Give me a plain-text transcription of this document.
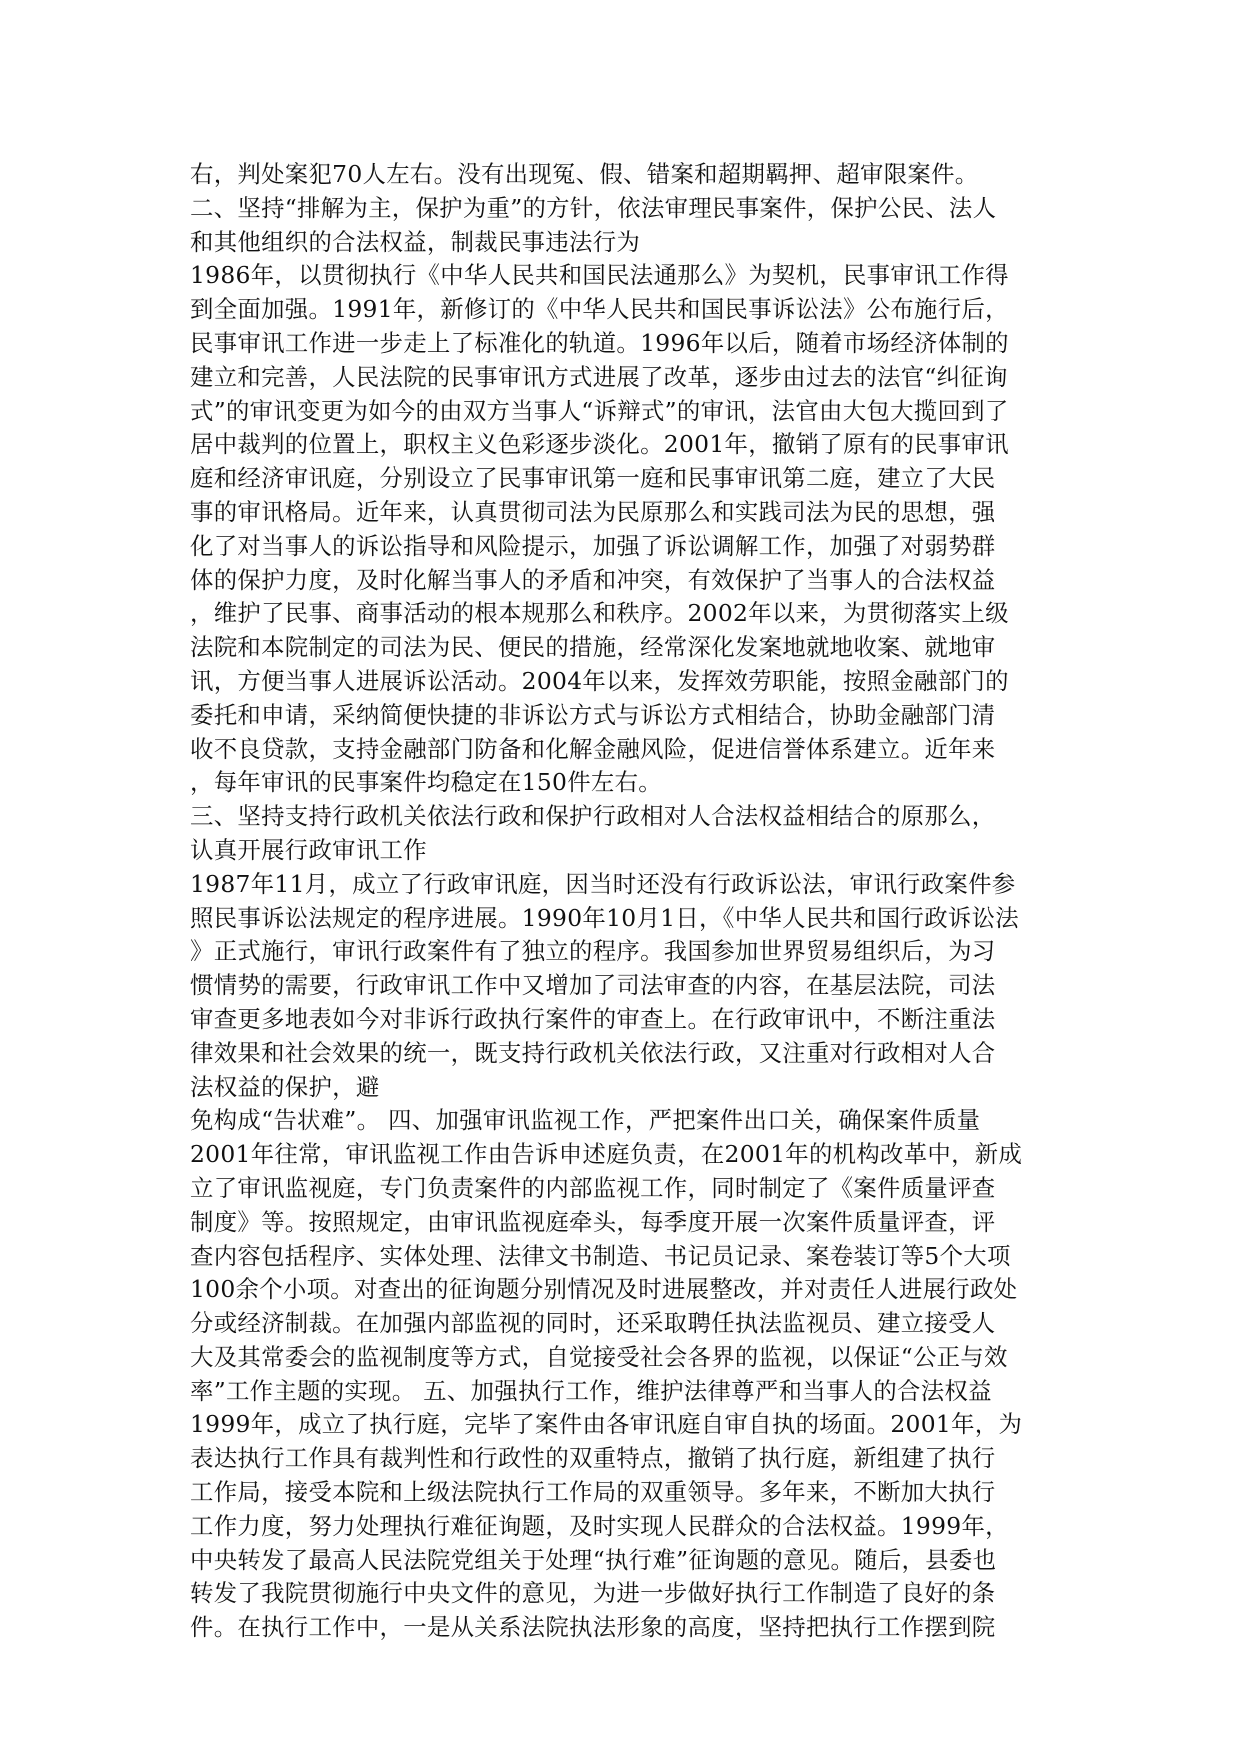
右，判处案犯70人左右。没有出现冤、假、错案和超期羁押、超审限案件。
二、坚持“排解为主，保护为重”的方针，依法审理民事案件，保护公民、法人
和其他组织的合法权益，制裁民事违法行为
1986年，以贯彻执行《中华人民共和国民法通那么》为契机，民事审讯工作得
到全面加强。1991年，新修订的《中华人民共和国民事诉讼法》公布施行后，
民事审讯工作进一步走上了标准化的轨道。1996年以后，随着市场经济体制的
建立和完善，人民法院的民事审讯方式进展了改革，逐步由过去的法官“纠征询
式”的审讯变更为如今的由双方当事人“诉辩式”的审讯，法官由大包大揽回到了
居中裁判的位置上，职权主义色彩逐步淡化。2001年，撤销了原有的民事审讯
庭和经济审讯庭，分别设立了民事审讯第一庭和民事审讯第二庭，建立了大民
事的审讯格局。近年来，认真贯彻司法为民原那么和实践司法为民的思想，强
化了对当事人的诉讼指导和风险提示，加强了诉讼调解工作，加强了对弱势群
体的保护力度，及时化解当事人的矛盾和冲突，有效保护了当事人的合法权益
，维护了民事、商事活动的根本规那么和秩序。2002年以来，为贯彻落实上级
法院和本院制定的司法为民、便民的措施，经常深化发案地就地收案、就地审
讯，方便当事人进展诉讼活动。2004年以来，发挥效劳职能，按照金融部门的
委托和申请，采纳简便快捷的非诉讼方式与诉讼方式相结合，协助金融部门清
收不良贷款，支持金融部门防备和化解金融风险，促进信誉体系建立。近年来
，每年审讯的民事案件均稳定在150件左右。
三、坚持支持行政机关依法行政和保护行政相对人合法权益相结合的原那么，
认真开展行政审讯工作
1987年11月，成立了行政审讯庭，因当时还没有行政诉讼法，审讯行政案件参
照民事诉讼法规定的程序进展。1990年10月1日，《中华人民共和国行政诉讼法
》正式施行，审讯行政案件有了独立的程序。我国参加世界贸易组织后，为习
惯情势的需要，行政审讯工作中又增加了司法审查的内容，在基层法院，司法
审查更多地表如今对非诉行政执行案件的审查上。在行政审讯中，不断注重法
律效果和社会效果的统一，既支持行政机关依法行政，又注重对行政相对人合
法权益的保护，避
免构成“告状难”。 四、加强审讯监视工作，严把案件出口关，确保案件质量
2001年往常，审讯监视工作由告诉申述庭负责，在2001年的机构改革中，新成
立了审讯监视庭，专门负责案件的内部监视工作，同时制定了《案件质量评查
制度》等。按照规定，由审讯监视庭牵头，每季度开展一次案件质量评查，评
查内容包括程序、实体处理、法律文书制造、书记员记录、案卷装订等5个大项
100余个小项。对查出的征询题分别情况及时进展整改，并对责任人进展行政处
分或经济制裁。在加强内部监视的同时，还采取聘任执法监视员、建立接受人
大及其常委会的监视制度等方式，自觉接受社会各界的监视，以保证“公正与效
率”工作主题的实现。 五、加强执行工作，维护法律尊严和当事人的合法权益
1999年，成立了执行庭，完毕了案件由各审讯庭自审自执的场面。2001年，为
表达执行工作具有裁判性和行政性的双重特点，撤销了执行庭，新组建了执行
工作局，接受本院和上级法院执行工作局的双重领导。多年来，不断加大执行
工作力度，努力处理执行难征询题，及时实现人民群众的合法权益。1999年，
中央转发了最高人民法院党组关于处理“执行难”征询题的意见。随后，县委也
转发了我院贯彻施行中央文件的意见，为进一步做好执行工作制造了良好的条
件。在执行工作中，一是从关系法院执法形象的高度，坚持把执行工作摆到院
